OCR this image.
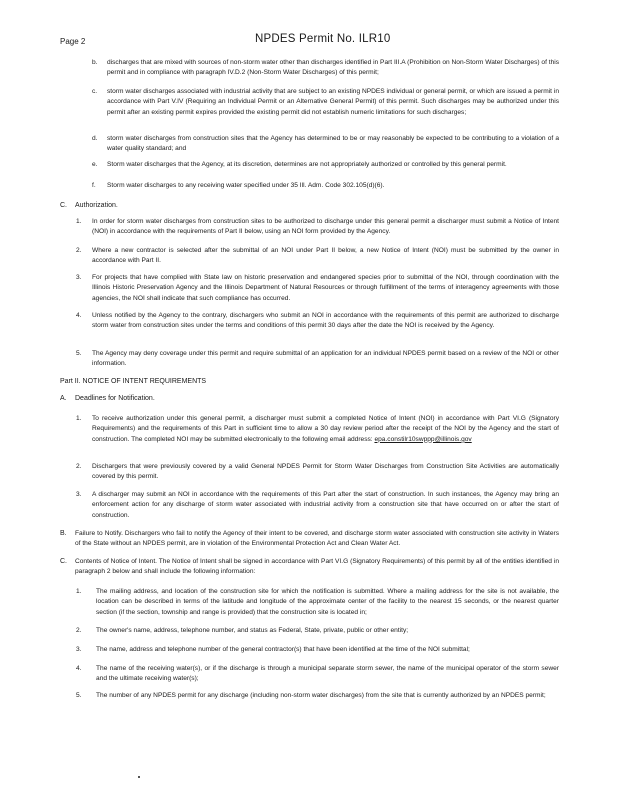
Page 2	NPDES Permit No. ILR10
b. discharges that are mixed with sources of non-storm water other than discharges identified in Part III.A (Prohibition on Non-Storm Water Discharges) of this permit and in compliance with paragraph IV.D.2 (Non-Storm Water Discharges) of this permit;
c. storm water discharges associated with industrial activity that are subject to an existing NPDES individual or general permit, or which are issued a permit in accordance with Part V.IV (Requiring an Individual Permit or an Alternative General Permit) of this permit. Such discharges may be authorized under this permit after an existing permit expires provided the existing permit did not establish numeric limitations for such discharges;
d. storm water discharges from construction sites that the Agency has determined to be or may reasonably be expected to be contributing to a violation of a water quality standard; and
e. Storm water discharges that the Agency, at its discretion, determines are not appropriately authorized or controlled by this general permit.
f. Storm water discharges to any receiving water specified under 35 Ill. Adm. Code 302.105(d)(6).
C. Authorization.
1. In order for storm water discharges from construction sites to be authorized to discharge under this general permit a discharger must submit a Notice of Intent (NOI) in accordance with the requirements of Part II below, using an NOI form provided by the Agency.
2. Where a new contractor is selected after the submittal of an NOI under Part II below, a new Notice of Intent (NOI) must be submitted by the owner in accordance with Part II.
3. For projects that have complied with State law on historic preservation and endangered species prior to submittal of the NOI, through coordination with the Illinois Historic Preservation Agency and the Illinois Department of Natural Resources or through fulfillment of the terms of interagency agreements with those agencies, the NOI shall indicate that such compliance has occurred.
4. Unless notified by the Agency to the contrary, dischargers who submit an NOI in accordance with the requirements of this permit are authorized to discharge storm water from construction sites under the terms and conditions of this permit 30 days after the date the NOI is received by the Agency.
5. The Agency may deny coverage under this permit and require submittal of an application for an individual NPDES permit based on a review of the NOI or other information.
Part II. NOTICE OF INTENT REQUIREMENTS
A. Deadlines for Notification.
1. To receive authorization under this general permit, a discharger must submit a completed Notice of Intent (NOI) in accordance with Part VI.G (Signatory Requirements) and the requirements of this Part in sufficient time to allow a 30 day review period after the receipt of the NOI by the Agency and the start of construction. The completed NOI may be submitted electronically to the following email address: epa.constilr10swppp@illinois.gov
2. Dischargers that were previously covered by a valid General NPDES Permit for Storm Water Discharges from Construction Site Activities are automatically covered by this permit.
3. A discharger may submit an NOI in accordance with the requirements of this Part after the start of construction. In such instances, the Agency may bring an enforcement action for any discharge of storm water associated with industrial activity from a construction site that have occurred on or after the start of construction.
B. Failure to Notify. Dischargers who fail to notify the Agency of their intent to be covered, and discharge storm water associated with construction site activity in Waters of the State without an NPDES permit, are in violation of the Environmental Protection Act and Clean Water Act.
C. Contents of Notice of Intent. The Notice of Intent shall be signed in accordance with Part VI.G (Signatory Requirements) of this permit by all of the entities identified in paragraph 2 below and shall include the following information:
1. The mailing address, and location of the construction site for which the notification is submitted. Where a mailing address for the site is not available, the location can be described in terms of the latitude and longitude of the approximate center of the facility to the nearest 15 seconds, or the nearest quarter section (if the section, township and range is provided) that the construction site is located in;
2. The owner's name, address, telephone number, and status as Federal, State, private, public or other entity;
3. The name, address and telephone number of the general contractor(s) that have been identified at the time of the NOI submittal;
4. The name of the receiving water(s), or if the discharge is through a municipal separate storm sewer, the name of the municipal operator of the storm sewer and the ultimate receiving water(s);
5. The number of any NPDES permit for any discharge (including non-storm water discharges) from the site that is currently authorized by an NPDES permit;
